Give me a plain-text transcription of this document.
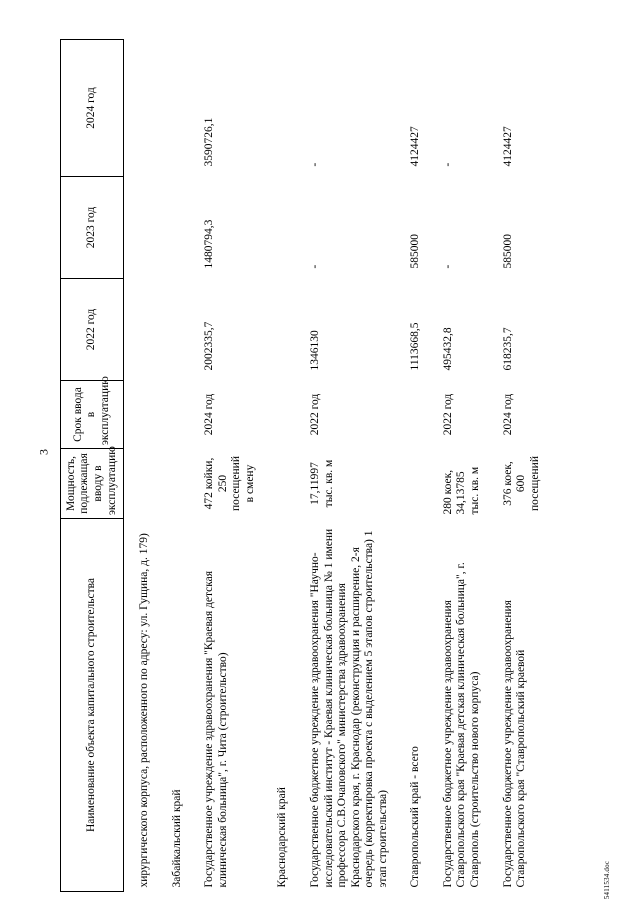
3
5411534.doc
Наименование объекта капитального строительства	Мощность, подлежащая вводу в эксплуатацию	Срок ввода в эксплуатацию	2022 год	2023 год	2024 год
хирургического корпуса, расположенного по адресу: ул. Гущина, д. 179)					
Забайкальский край					
Государственное учреждение здравоохранения "Краевая детская клиническая больница", г. Чита (строительство)	472 койки, 250 посещений в смену	2024 год	2002335,7	1480794,3	3590726,1
Краснодарский край					
Государственное бюджетное учреждение здравоохранения "Научно-исследовательский институт - Краевая клиническая больница № 1 имени профессора С.В.Очаповского" министерства здравоохранения Краснодарского края, г. Краснодар (реконструкция и расширение, 2-я очередь (корректировка проекта с выделением 5 этапов строительства) 1 этап строительства)	17,11997 тыс. кв. м	2022 год	1346130	-	-
Ставропольский край - всего			1113668,5	585000	4124427
Государственное бюджетное учреждение здравоохранения Ставропольского края "Краевая детская клиническая больница", г. Ставрополь (строительство нового корпуса)	280 коек, 34,13785 тыс. кв. м	2022 год	495432,8	-	-
Государственное бюджетное учреждение здравоохранения Ставропольского края "Ставропольский краевой	376 коек, 600 посещений	2024 год	618235,7	585000	4124427
